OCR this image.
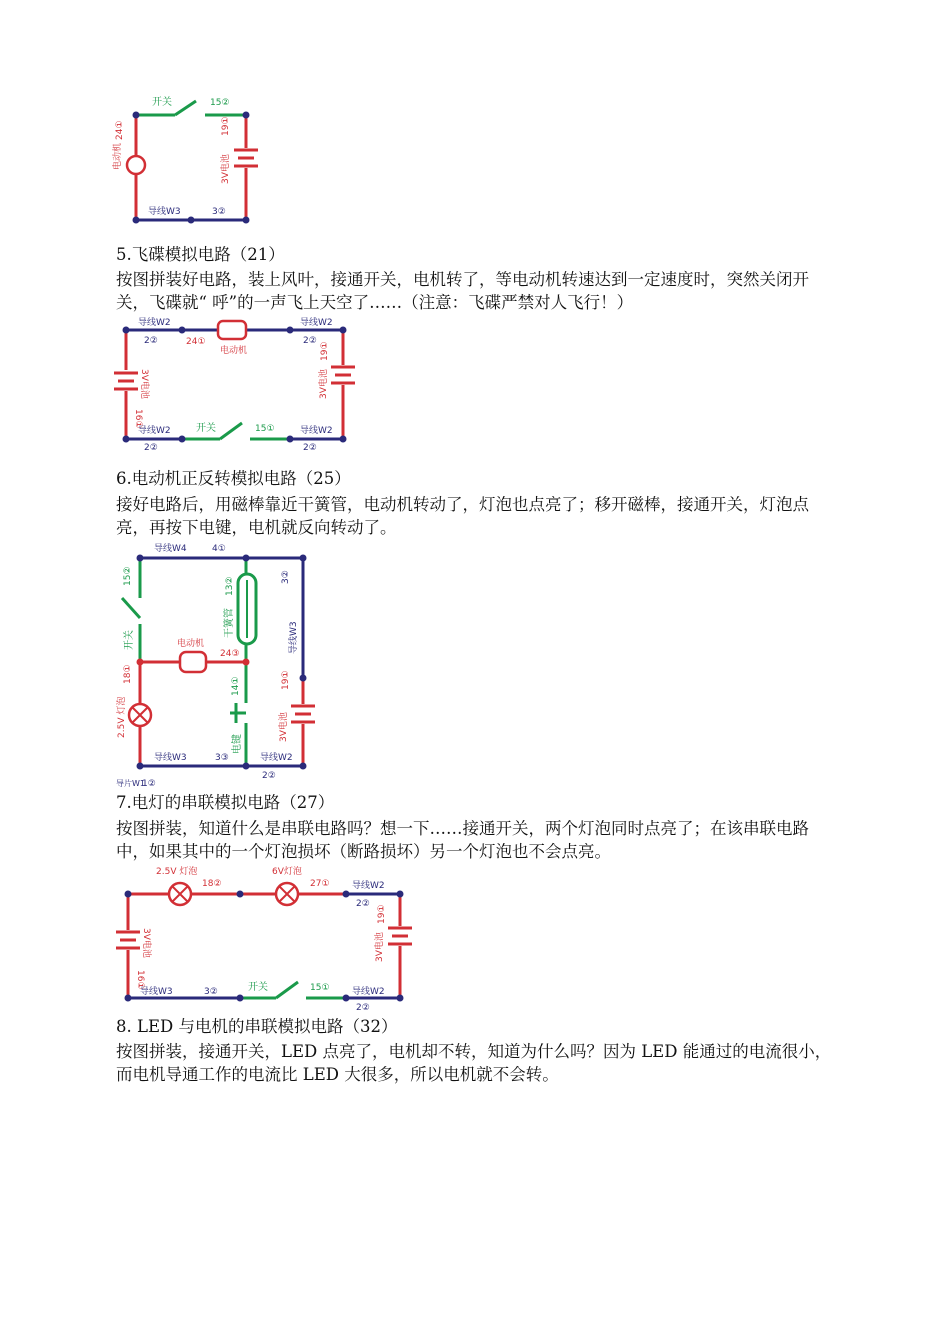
开关	15②
电动机
24①
3V电池
19①
导线W3	3②
5.飞碟模拟电路（21）
按图拼装好电路，装上风叶，接通开关，电机转了，等电动机转速达到一定速度时，突然关闭开关，飞碟就“ 呼”的一声飞上天空了……（注意：飞碟严禁对人飞行！）
导线W2	导线W2
2②	2②
24①
电动机
3V电池
16①
3V电池
19①
开关	15①
导线W2
2②
导线W2
2②
6.电动机正反转模拟电路（25）
接好电路后，用磁棒靠近干簧管，电动机转动了，灯泡也点亮了；移开磁棒，接通开关，灯泡点亮，再按下电键，电机就反向转动了。
导线W4	4①
15②
开关
3②
导线W3
13②
干簧管
电动机
24③
18①
2.5V 灯泡
14①
电键
19①
3V电池
导线W3	3③	导线W2
2②
导片W1
1②
7.电灯的串联模拟电路（27）
按图拼装，知道什么是串联电路吗？想一下……接通开关，两个灯泡同时点亮了；在该串联电路中，如果其中的一个灯泡损坏（断路损坏）另一个灯泡也不会点亮。
2.5V 灯泡
18②
6V灯泡
27① 导线W2
2②
3V电池
16①
19①
3V电池
导线W3	3②	开关	15① 导线W2
2②
8. LED 与电机的串联模拟电路（32）
按图拼装，接通开关，LED 点亮了，电机却不转，知道为什么吗？因为 LED 能通过的电流很小，而电机导通工作的电流比 LED 大很多，所以电机就不会转。
